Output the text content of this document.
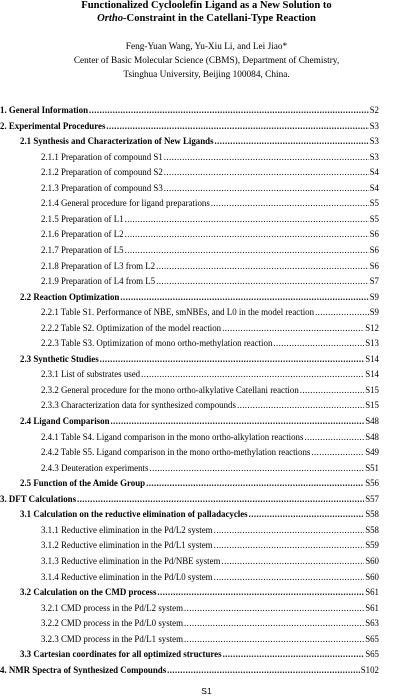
Functionalized Cycloolefin Ligand as a New Solution to
Ortho-Constraint in the Catellani-Type Reaction
Feng-Yuan Wang, Yu-Xiu Li, and Lei Jiao*
Center of Basic Molecular Science (CBMS), Department of Chemistry,
Tsinghua University, Beijing 100084, China.
1. General Information .....	S2
2. Experimental Procedures .....	S3
2.1 Synthesis and Characterization of New Ligands .....	S3
2.1.1 Preparation of compound S1 .....	S3
2.1.2 Preparation of compound S2 .....	S4
2.1.3 Preparation of compound S3 .....	S4
2.1.4 General procedure for ligand preparations .....	S5
2.1.5 Preparation of L1 .....	S5
2.1.6 Preparation of L2 .....	S6
2.1.7 Preparation of L5 .....	S6
2.1.8 Preparation of L3 from L2 .....	S6
2.1.9 Preparation of L4 from L5 .....	S7
2.2 Reaction Optimization .....	S9
2.2.1 Table S1. Performance of NBE, smNBEs, and L0 in the model reaction .....	S9
2.2.2 Table S2. Optimization of the model reaction .....	S12
2.2.3 Table S3. Optimization of mono ortho-methylation reaction .....	S13
2.3 Synthetic Studies .....	S14
2.3.1 List of substrates used .....	S14
2.3.2 General procedure for the mono ortho-alkylative Catellani reaction .....	S15
2.3.3 Characterization data for synthesized compounds .....	S15
2.4 Ligand Comparison .....	S48
2.4.1 Table S4. Ligand comparison in the mono ortho-alkylation reactions .....	S48
2.4.2 Table S5. Ligand comparison in the mono ortho-methylation reactions .....	S49
2.4.3 Deuteration experiments .....	S51
2.5 Function of the Amide Group .....	S56
3. DFT Calculations .....	S57
3.1 Calculation on the reductive elimination of palladacycles .....	S58
3.1.1 Reductive elimination in the Pd/L2 system .....	S58
3.1.2 Reductive elimination in the Pd/L1 system .....	S59
3.1.3 Reductive elimination in the Pd/NBE system .....	S60
3.1.4 Reductive elimination in the Pd/L0 system .....	S60
3.2 Calculation on the CMD process .....	S61
3.2.1 CMD process in the Pd/L2 system .....	S61
3.2.2 CMD process in the Pd/L0 system .....	S63
3.2.3 CMD process in the Pd/L1 system .....	S65
3.3 Cartesian coordinates for all optimized structures .....	S65
4. NMR Spectra of Synthesized Compounds .....	S102
S1
